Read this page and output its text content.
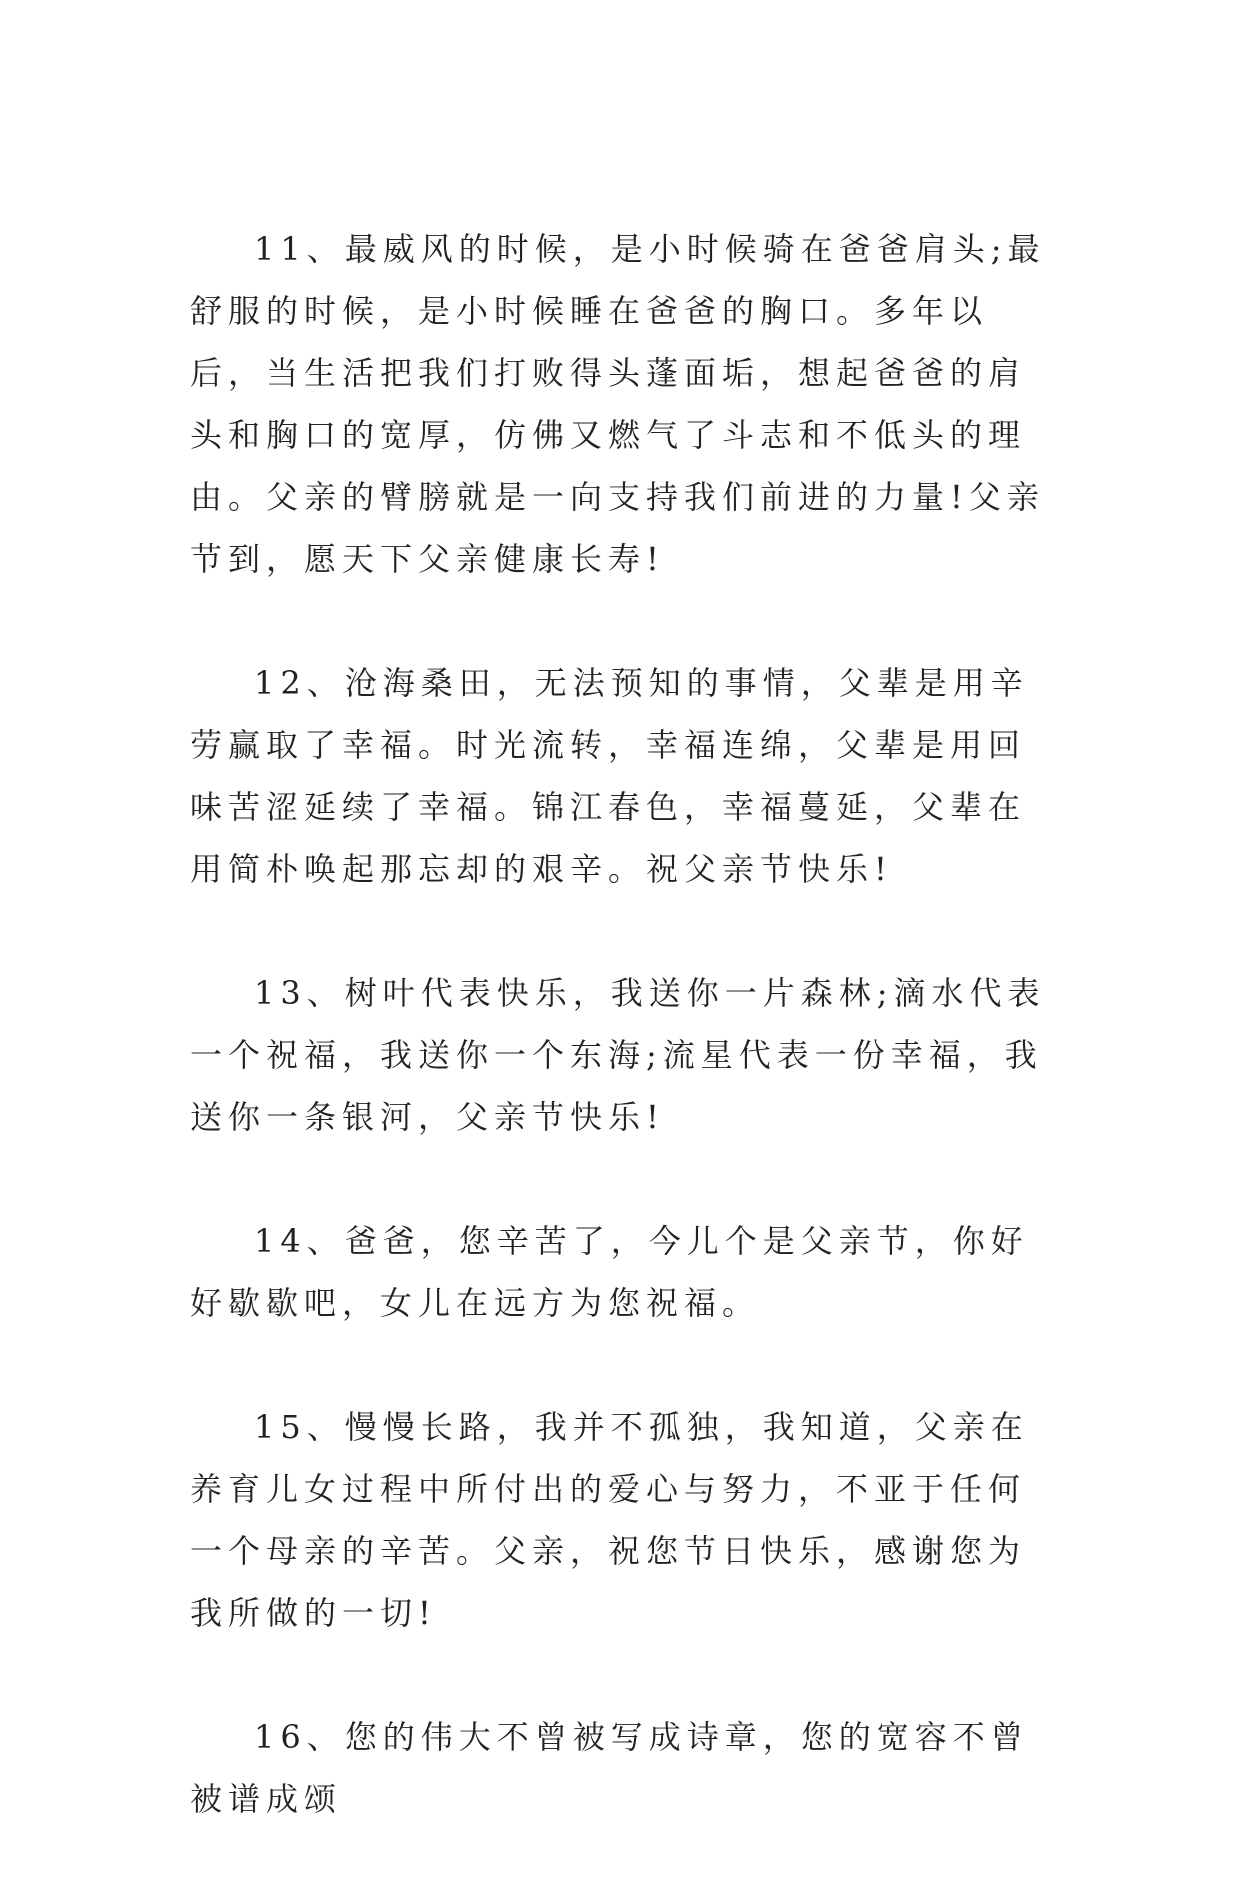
11、最威风的时候，是小时候骑在爸爸肩头;最舒服的时候，是小时候睡在爸爸的胸口。多年以后，当生活把我们打败得头蓬面垢，想起爸爸的肩头和胸口的宽厚，仿佛又燃气了斗志和不低头的理由。父亲的臂膀就是一向支持我们前进的力量!父亲节到，愿天下父亲健康长寿!

12、沧海桑田，无法预知的事情，父辈是用辛劳赢取了幸福。时光流转，幸福连绵，父辈是用回味苦涩延续了幸福。锦江春色，幸福蔓延，父辈在用简朴唤起那忘却的艰辛。祝父亲节快乐!

13、树叶代表快乐，我送你一片森林;滴水代表一个祝福，我送你一个东海;流星代表一份幸福，我送你一条银河，父亲节快乐!

14、爸爸，您辛苦了，今儿个是父亲节，你好好歇歇吧，女儿在远方为您祝福。

15、慢慢长路，我并不孤独，我知道，父亲在养育儿女过程中所付出的爱心与努力，不亚于任何一个母亲的辛苦。父亲，祝您节日快乐，感谢您为我所做的一切!

16、您的伟大不曾被写成诗章，您的宽容不曾被谱成颂
